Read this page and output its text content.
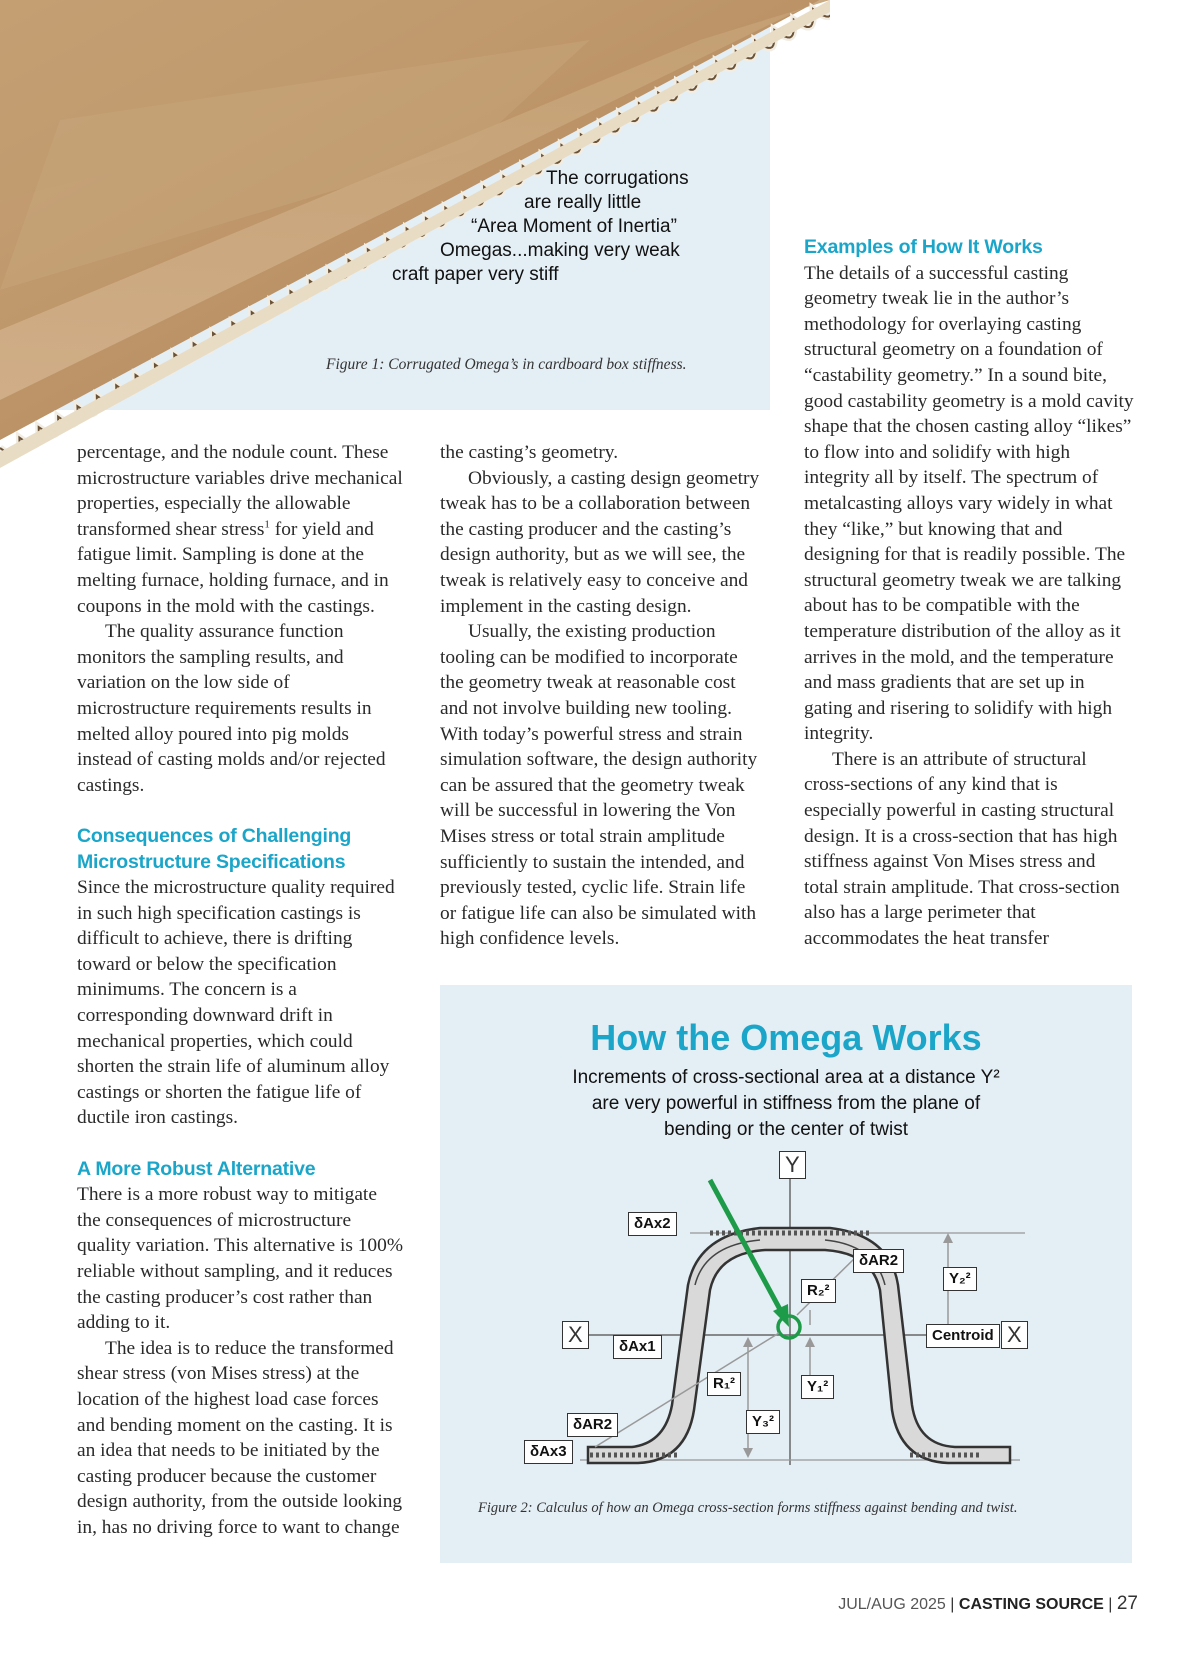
The corrugations
are really little
“Area Moment of Inertia”
Omegas...making very weak
craft paper very stiff
Figure 1: Corrugated Omega’s in cardboard box stiffness.

percentage, and the nodule count. These microstructure variables drive mechanical properties, especially the allowable transformed shear stress$^1$ for yield and fatigue limit. Sampling is done at the melting furnace, holding furnace, and in coupons in the mold with the castings.

The quality assurance function monitors the sampling results, and variation on the low side of microstructure requirements results in melted alloy poured into pig molds instead of casting molds and/or rejected castings.

Consequences of Challenging Microstructure Specifications

Since the microstructure quality required in such high specification castings is difficult to achieve, there is drifting toward or below the specification minimums. The concern is a corresponding downward drift in mechanical properties, which could shorten the strain life of aluminum alloy castings or shorten the fatigue life of ductile iron castings.

A More Robust Alternative

There is a more robust way to mitigate the consequences of microstructure quality variation. This alternative is 100% reliable without sampling, and it reduces the casting producer’s cost rather than adding to it.

The idea is to reduce the transformed shear stress (von Mises stress) at the location of the highest load case forces and bending moment on the casting. It is an idea that needs to be initiated by the casting producer because the customer design authority, from the outside looking in, has no driving force to want to change

the casting’s geometry.

Obviously, a casting design geometry tweak has to be a collaboration between the casting producer and the casting’s design authority, but as we will see, the tweak is relatively easy to conceive and implement in the casting design.

Usually, the existing production tooling can be modified to incorporate the geometry tweak at reasonable cost and not involve building new tooling. With today’s powerful stress and strain simulation software, the design authority can be assured that the geometry tweak will be successful in lowering the Von Mises stress or total strain amplitude sufficiently to sustain the intended, and previously tested, cyclic life. Strain life or fatigue life can also be simulated with high confidence levels.

Examples of How It Works

The details of a successful casting geometry tweak lie in the author’s methodology for overlaying casting structural geometry on a foundation of “castability geometry.” In a sound bite, good castability geometry is a mold cavity shape that the chosen casting alloy “likes” to flow into and solidify with high integrity all by itself. The spectrum of metalcasting alloys vary widely in what they “like,” but knowing that and designing for that is readily possible. The structural geometry tweak we are talking about has to be compatible with the temperature distribution of the alloy as it arrives in the mold, and the temperature and mass gradients that are set up in gating and risering to solidify with high integrity.

There is an attribute of structural cross-sections of any kind that is especially powerful in casting structural design. It is a cross-section that has high stiffness against Von Mises stress and total strain amplitude. That cross-section also has a large perimeter that accommodates the heat transfer

How the Omega Works
Increments of cross-sectional area at a distance Y²
are very powerful in stiffness from the plane of
bending or the center of twist
Y
X	X
δAx2
δAR2
δAx1
δAR2
δAx3
R₂²
R₁²
Y₂²
Y₁²
Y₃²
Centroid
Figure 2: Calculus of how an Omega cross-section forms stiffness against bending and twist.
JUL/AUG 2025 | CASTING SOURCE | 27
